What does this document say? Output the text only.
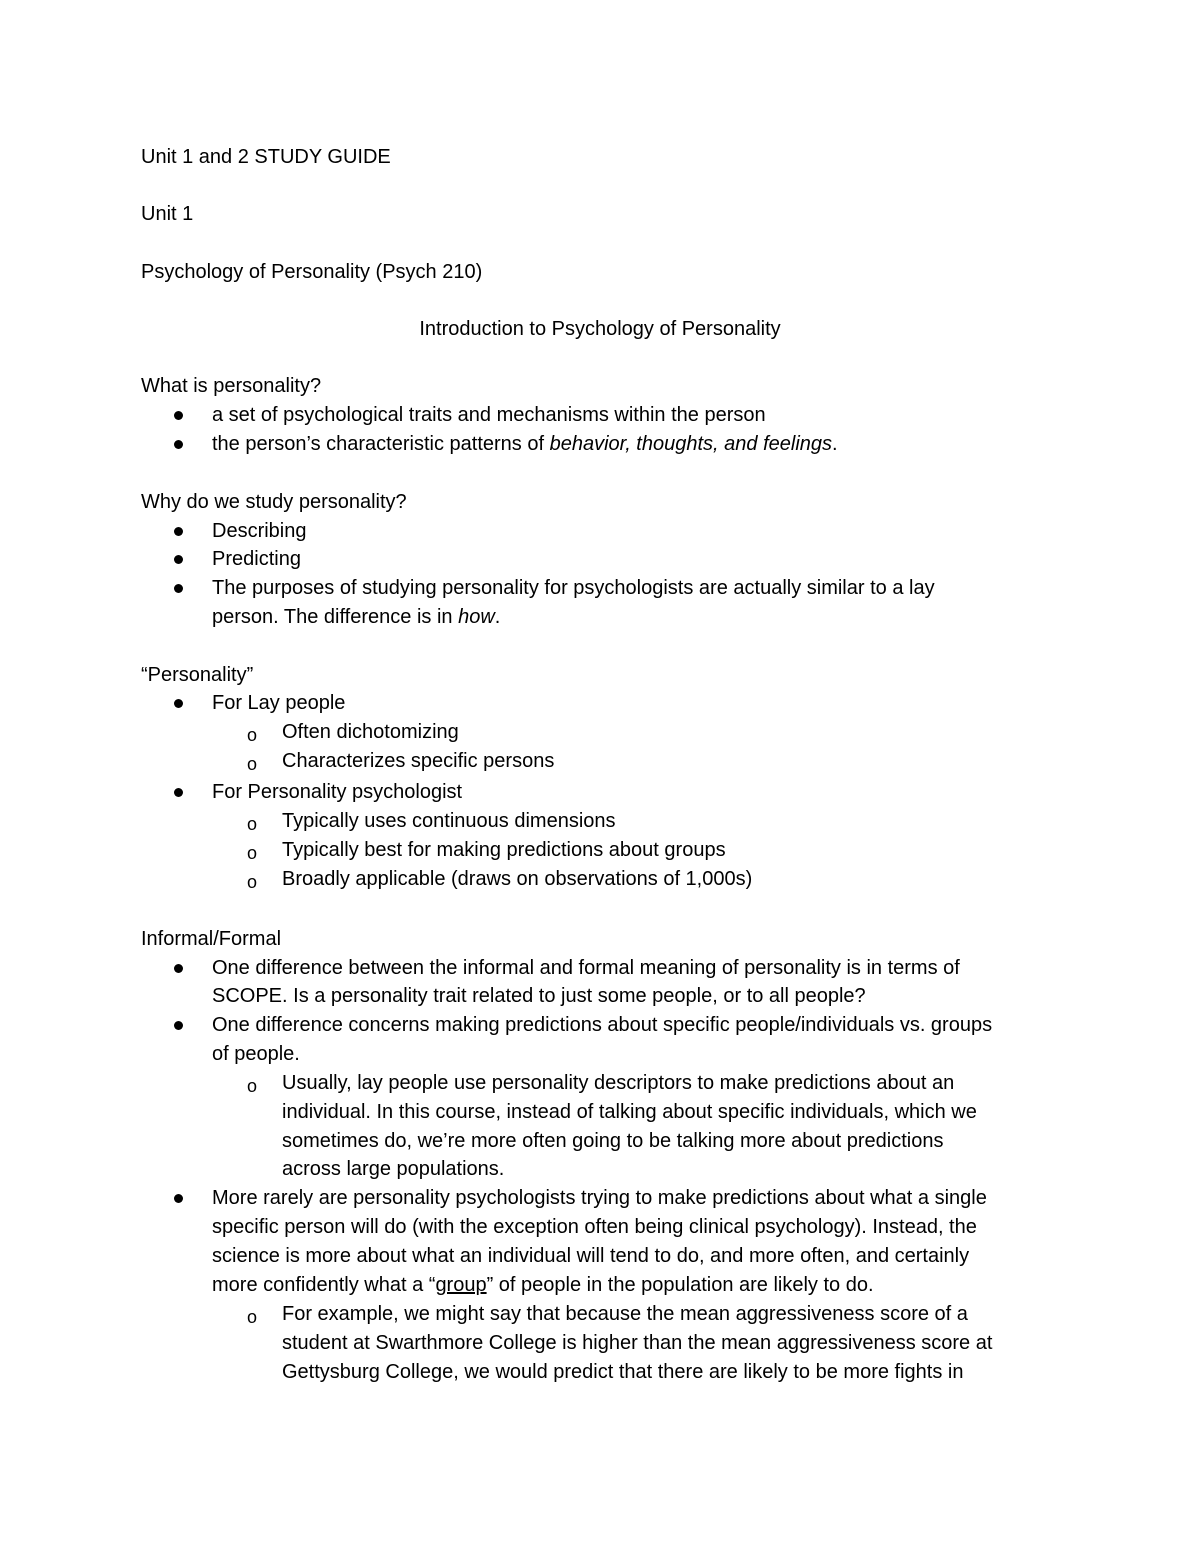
Unit 1 and 2 STUDY GUIDE
Unit 1
Psychology of Personality (Psych 210)
Introduction to Psychology of Personality
What is personality?
a set of psychological traits and mechanisms within the person
the person’s characteristic patterns of behavior, thoughts, and feelings.
Why do we study personality?
Describing
Predicting
The purposes of studying personality for psychologists are actually similar to a lay
person. The difference is in how.
“Personality”
For Lay people
o Often dichotomizing
o Characterizes specific persons
For Personality psychologist
o Typically uses continuous dimensions
o Typically best for making predictions about groups
o Broadly applicable (draws on observations of 1,000s)
Informal/Formal
One difference between the informal and formal meaning of personality is in terms of
SCOPE. Is a personality trait related to just some people, or to all people?
One difference concerns making predictions about specific people/individuals vs. groups
of people.
o Usually, lay people use personality descriptors to make predictions about an
individual. In this course, instead of talking about specific individuals, which we
sometimes do, we’re more often going to be talking more about predictions
across large populations.
More rarely are personality psychologists trying to make predictions about what a single
specific person will do (with the exception often being clinical psychology). Instead, the
science is more about what an individual will tend to do, and more often, and certainly
more confidently what a “group” of people in the population are likely to do.
o For example, we might say that because the mean aggressiveness score of a
student at Swarthmore College is higher than the mean aggressiveness score at
Gettysburg College, we would predict that there are likely to be more fights in
